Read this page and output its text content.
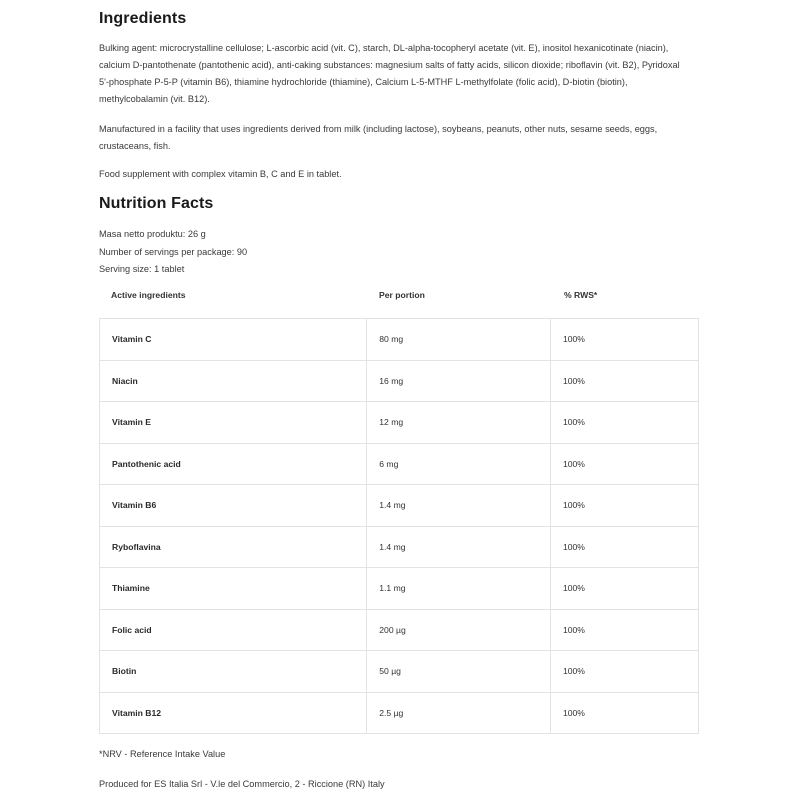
Ingredients

Bulking agent: microcrystalline cellulose; L-ascorbic acid (vit. C), starch, DL-alpha-tocopheryl acetate (vit. E), inositol hexanicotinate (niacin), calcium D-pantothenate (pantothenic acid), anti-caking substances: magnesium salts of fatty acids, silicon dioxide; riboflavin (vit. B2), Pyridoxal 5'-phosphate P-5-P (vitamin B6), thiamine hydrochloride (thiamine), Calcium L-5-MTHF L-methylfolate (folic acid), D-biotin (biotin), methylcobalamin (vit. B12).

Manufactured in a facility that uses ingredients derived from milk (including lactose), soybeans, peanuts, other nuts, sesame seeds, eggs, crustaceans, fish.

Food supplement with complex vitamin B, C and E in tablet.

Nutrition Facts

Masa netto produktu: 26 g

Number of servings per package: 90

Serving size: 1 tablet

Active ingredients	Per portion	% RWS*
Vitamin C	80 mg	100%
Niacin	16 mg	100%
Vitamin E	12 mg	100%
Pantothenic acid	6 mg	100%
Vitamin B6	1.4 mg	100%
Ryboflavina	1.4 mg	100%
Thiamine	1.1 mg	100%
Folic acid	200 µg	100%
Biotin	50 µg	100%
Vitamin B12	2.5 µg	100%

*NRV - Reference Intake Value

Produced for ES Italia Srl - V.le del Commercio, 2 - Riccione (RN) Italy
